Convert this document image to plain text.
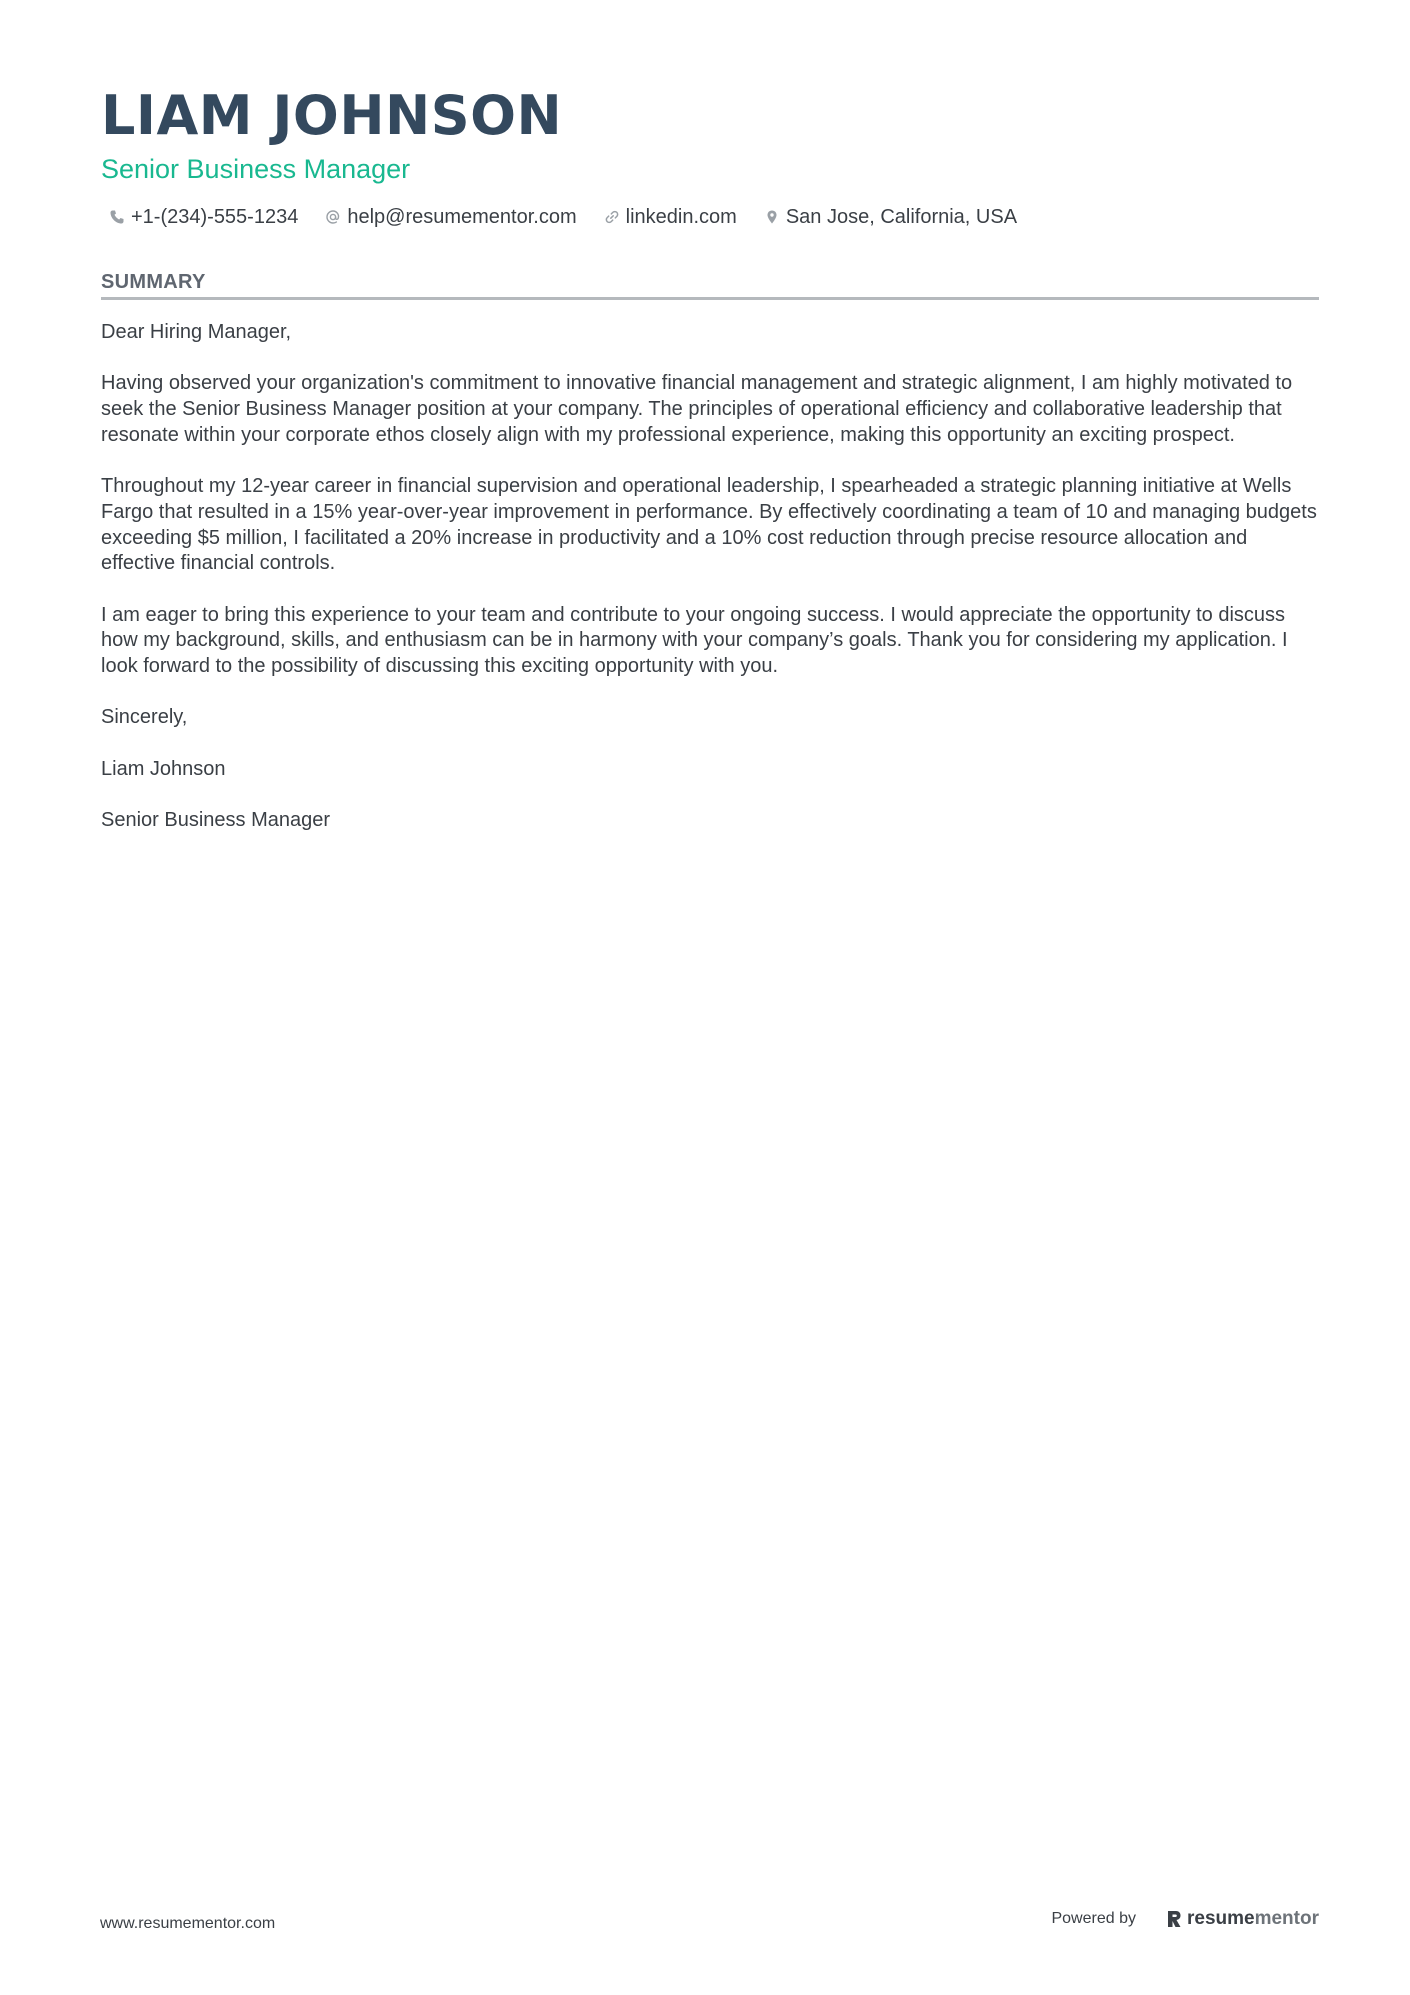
LIAM JOHNSON
Senior Business Manager
+1-(234)-555-1234 help@resumementor.com linkedin.com San Jose, California, USA
SUMMARY

Dear Hiring Manager,

Having observed your organization's commitment to innovative financial management and strategic alignment, I am highly motivated to seek the Senior Business Manager position at your company. The principles of operational efficiency and collaborative leadership that resonate within your corporate ethos closely align with my professional experience, making this opportunity an exciting prospect.

Throughout my 12-year career in financial supervision and operational leadership, I spearheaded a strategic planning initiative at Wells Fargo that resulted in a 15% year-over-year improvement in performance. By effectively coordinating a team of 10 and managing budgets exceeding $5 million, I facilitated a 20% increase in productivity and a 10% cost reduction through precise resource allocation and effective financial controls.

I am eager to bring this experience to your team and contribute to your ongoing success. I would appreciate the opportunity to discuss how my background, skills, and enthusiasm can be in harmony with your company’s goals. Thank you for considering my application. I look forward to the possibility of discussing this exciting opportunity with you.

Sincerely,

Liam Johnson

Senior Business Manager

www.resumementor.com	Powered by	resume mentor
